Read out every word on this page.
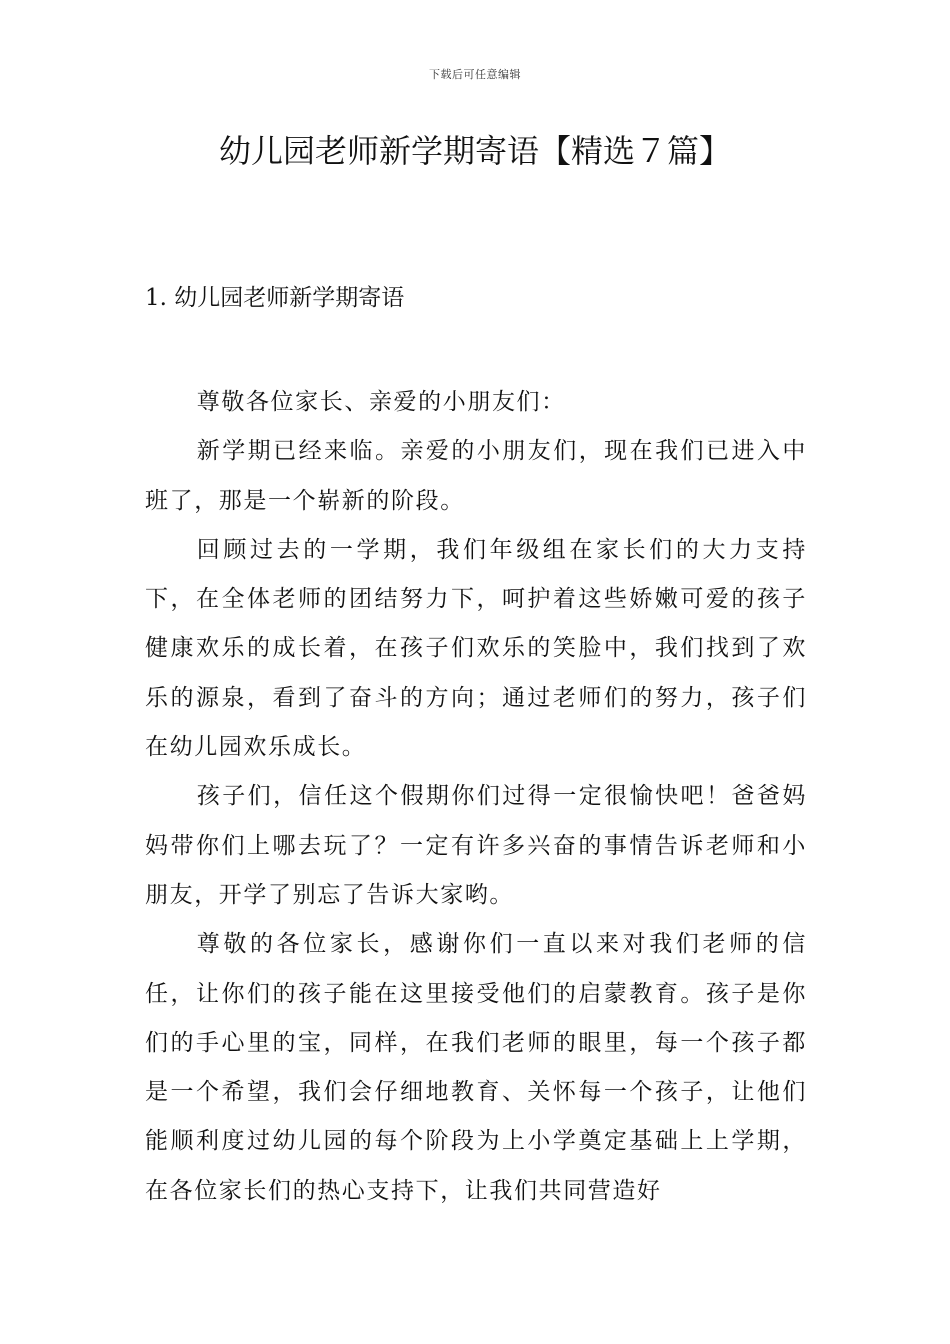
下载后可任意编辑
幼儿园老师新学期寄语【精选７篇】
1. 幼儿园老师新学期寄语

尊敬各位家长、亲爱的小朋友们：

新学期已经来临。亲爱的小朋友们，现在我们已进入中班了，那是一个崭新的阶段。

回顾过去的一学期，我们年级组在家长们的大力支持下，在全体老师的团结努力下，呵护着这些娇嫩可爱的孩子健康欢乐的成长着，在孩子们欢乐的笑脸中，我们找到了欢乐的源泉，看到了奋斗的方向；通过老师们的努力，孩子们在幼儿园欢乐成长。

孩子们，信任这个假期你们过得一定很愉快吧！爸爸妈妈带你们上哪去玩了？一定有许多兴奋的事情告诉老师和小朋友，开学了别忘了告诉大家哟。

尊敬的各位家长，感谢你们一直以来对我们老师的信任，让你们的孩子能在这里接受他们的启蒙教育。孩子是你们的手心里的宝，同样，在我们老师的眼里，每一个孩子都是一个希望，我们会仔细地教育、关怀每一个孩子，让他们能顺利度过幼儿园的每个阶段为上小学奠定基础上上学期，在各位家长们的热心支持下，让我们共同营造好
